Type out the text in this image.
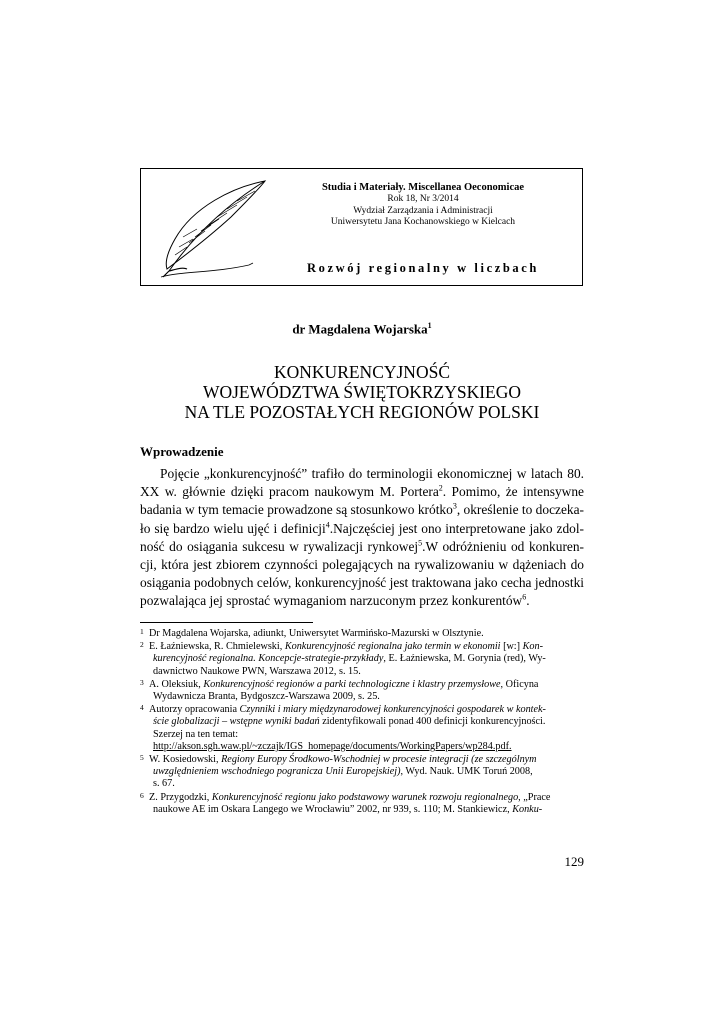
Studia i Materiały. Miscellanea Oeconomicae
Rok 18, Nr 3/2014
Wydział Zarządzania i Administracji
Uniwersytetu Jana Kochanowskiego w Kielcach
Rozwój regionalny w liczbach
dr Magdalena Wojarska$^1$
KONKURENCYJNOŚĆ
WOJEWÓDZTWA ŚWIĘTOKRZYSKIEGO
NA TLE POZOSTAŁYCH REGIONÓW POLSKI
Wprowadzenie
Pojęcie „konkurencyjność” trafiło do terminologii ekonomicznej w latach 80.
XX w. głównie dzięki pracom naukowym M. Portera$^2$. Pomimo, że intensywne
badania w tym temacie prowadzone są stosunkowo krótko$^3$, określenie to doczeka-
ło się bardzo wielu ujęć i definicji$^4$.Najczęściej jest ono interpretowane jako zdol-
ność do osiągania sukcesu w rywalizacji rynkowej$^5$.W odróżnieniu od konkuren-
cji, która jest zbiorem czynności polegających na rywalizowaniu w dążeniach do
osiągania podobnych celów, konkurencyjność jest traktowana jako cecha jednostki
pozwalająca jej sprostać wymaganiom narzuconym przez konkurentów$^6$.
1 Dr Magdalena Wojarska, adiunkt, Uniwersytet Warmińsko-Mazurski w Olsztynie.
2 E. Łaźniewska, R. Chmielewski, Konkurencyjność regionalna jako termin w ekonomii [w:] Kon-
kurencyjność regionalna. Koncepcje-strategie-przykłady, E. Łaźniewska, M. Gorynia (red), Wy-
dawnictwo Naukowe PWN, Warszawa 2012, s. 15.
3 A. Oleksiuk, Konkurencyjność regionów a parki technologiczne i klastry przemysłowe, Oficyna
Wydawnicza Branta, Bydgoszcz-Warszawa 2009, s. 25.
4 Autorzy opracowania Czynniki i miary międzynarodowej konkurencyjności gospodarek w kontek-
ście globalizacji – wstępne wyniki badań zidentyfikowali ponad 400 definicji konkurencyjności.
Szerzej na ten temat:
http://akson.sgh.waw.pl/~zczajk/IGS_homepage/documents/WorkingPapers/wp284.pdf.
5 W. Kosiedowski, Regiony Europy Środkowo-Wschodniej w procesie integracji (ze szczególnym
uwzględnieniem wschodniego pogranicza Unii Europejskiej), Wyd. Nauk. UMK Toruń 2008,
s. 67.
6 Z. Przygodzki, Konkurencyjność regionu jako podstawowy warunek rozwoju regionalnego, „Prace
naukowe AE im Oskara Langego we Wrocławiu” 2002, nr 939, s. 110; M. Stankiewicz, Konku-
129
